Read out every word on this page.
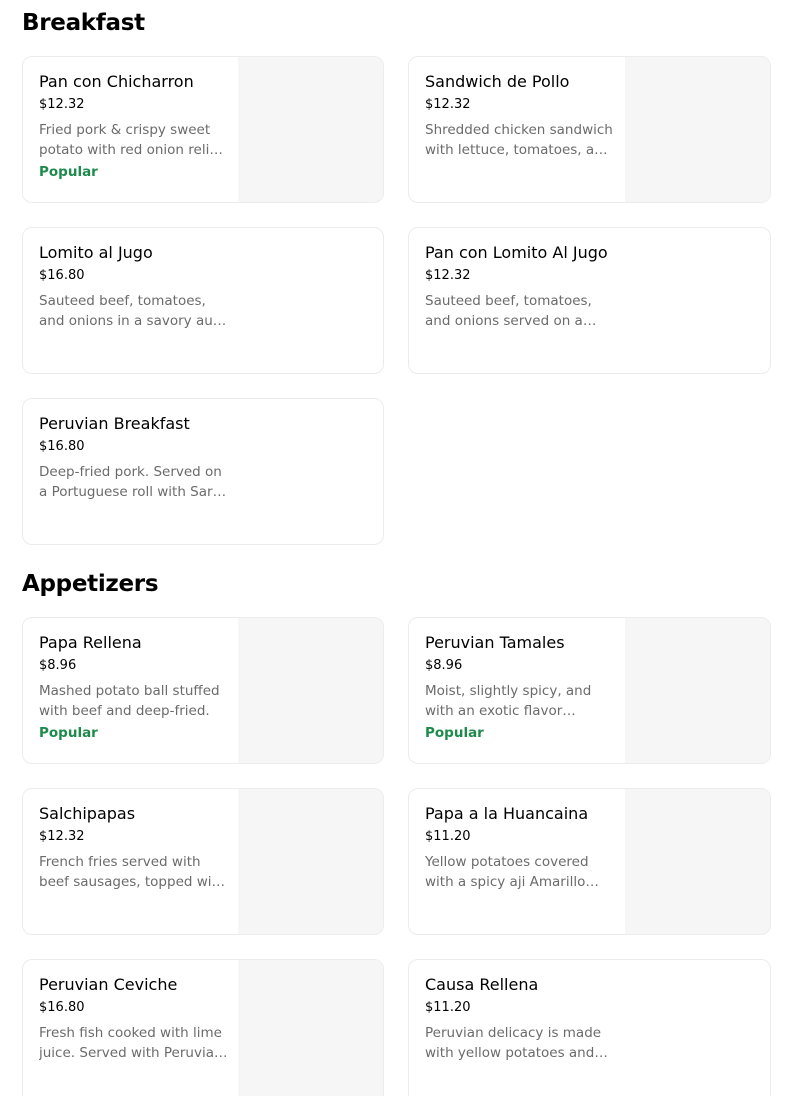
Breakfast
Pan con Chicharron
$12.32
Fried pork & crispy sweet potato with red onion relish
Popular
Sandwich de Pollo
$12.32
Shredded chicken sandwich with lettuce, tomatoes, and
Lomito al Jugo
$16.80
Sauteed beef, tomatoes, and onions in a savory au
Pan con Lomito Al Jugo
$12.32
Sauteed beef, tomatoes, and onions served on a
Peruvian Breakfast
$16.80
Deep-fried pork. Served on a Portuguese roll with Sarza
Appetizers
Papa Rellena
$8.96
Mashed potato ball stuffed with beef and deep-fried.
Popular
Peruvian Tamales
$8.96
Moist, slightly spicy, and with an exotic flavor
Popular
Salchipapas
$12.32
French fries served with beef sausages, topped with
Papa a la Huancaina
$11.20
Yellow potatoes covered with a spicy aji Amarillo
Peruvian Ceviche
$16.80
Fresh fish cooked with lime juice. Served with Peruvian
Causa Rellena
$11.20
Peruvian delicacy is made with yellow potatoes and
